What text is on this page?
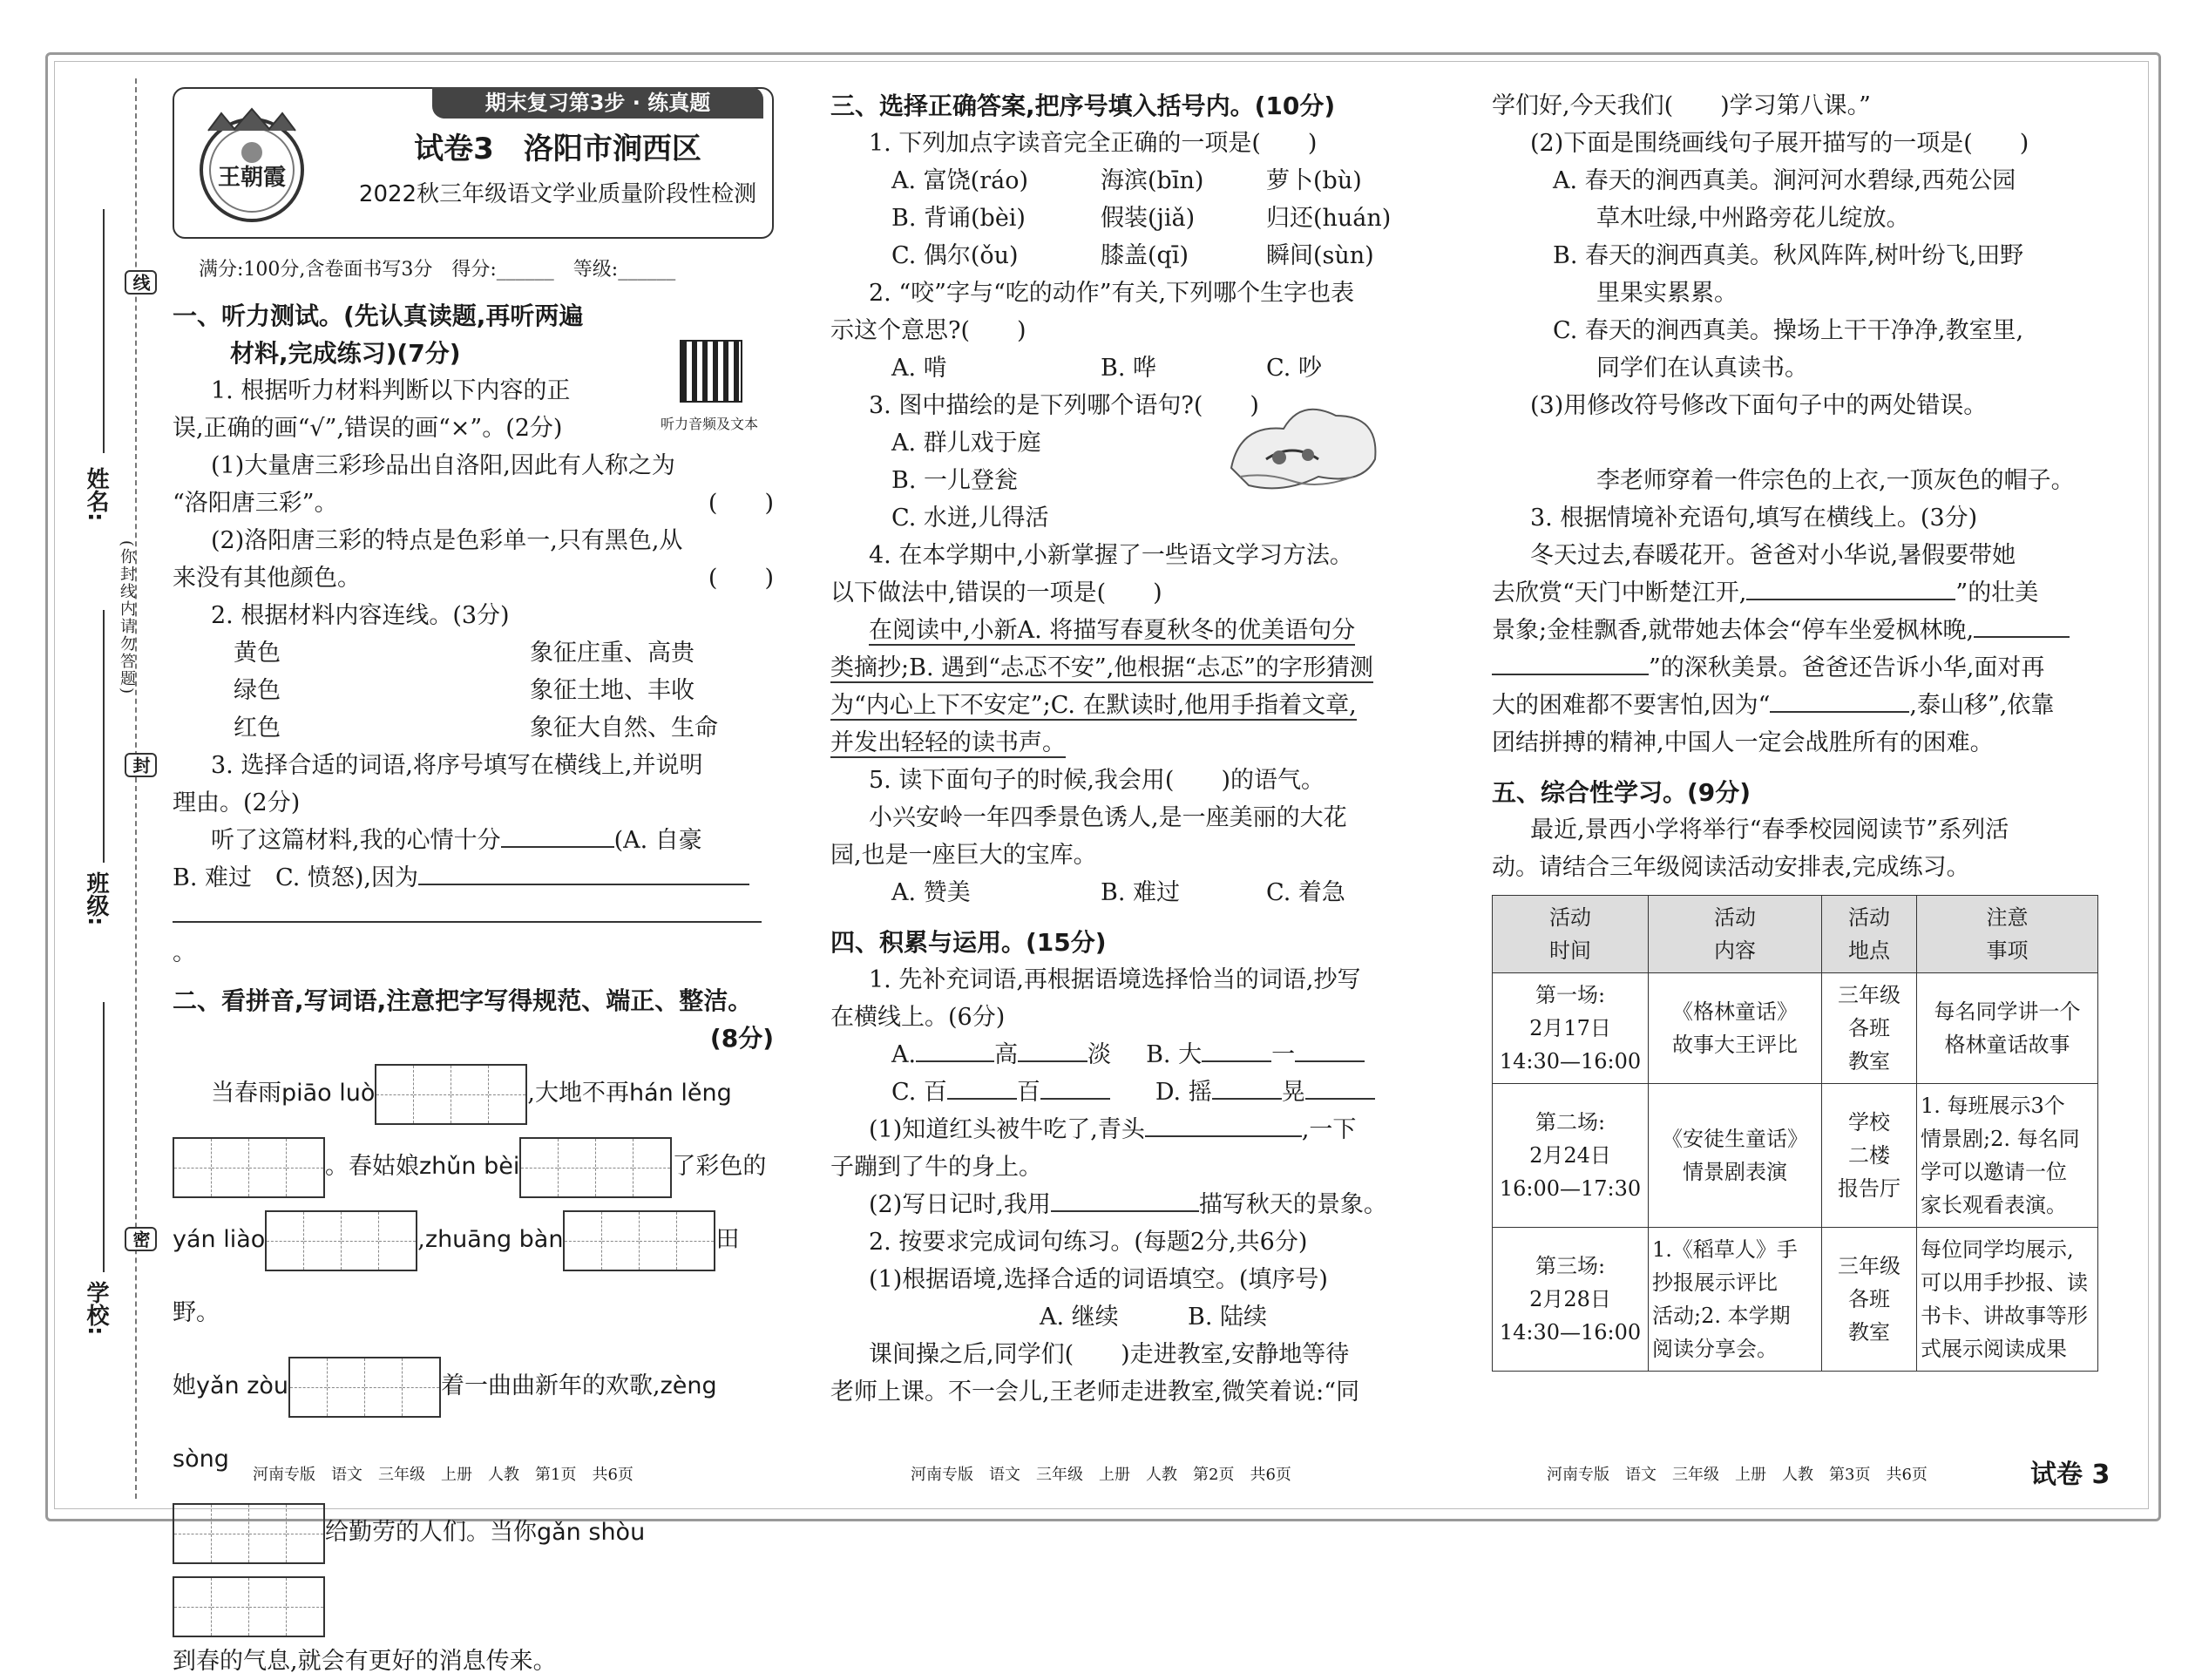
线
封
密
(你封线内请勿答题)
姓名:
班级:
学校:
期末复习第3步 · 练真题
王朝霞
试卷3　洛阳市涧西区
2022秋三年级语文学业质量阶段性检测

满分:100分,含卷面书写3分　得分:______　等级:______

听力音频及文本

一、听力测试。(先认真读题,再听两遍

材料,完成练习)(7分)

1. 根据听力材料判断以下内容的正

误,正确的画“√”,错误的画“×”。(2分)

(1)大量唐三彩珍品出自洛阳,因此有人称之为

“洛阳唐三彩”。	(　　)

(2)洛阳唐三彩的特点是色彩单一,只有黑色,从

来没有其他颜色。	(　　)

2. 根据材料内容连线。(3分)

黄色	象征庄重、高贵
绿色	象征土地、丰收
红色	象征大自然、生命

3. 选择合适的词语,将序号填写在横线上,并说明

理由。(2分)

听了这篇材料,我的心情十分	(A. 自豪

B. 难过　C. 愤怒),因为

。

二、看拼音,写词语,注意把字写得规范、端正、整洁。

(8分)

当春雨piāo luò	,大地不再hán lěng

。春姑娘zhǔn bèi	了彩色的

yán liào	,zhuāng bàn	田野。

她yǎn zòu	着一曲曲新年的欢歌,zèng sòng

给勤劳的人们。当你gǎn shòu

到春的气息,就会有更好的消息传来。

三、选择正确答案,把序号填入括号内。(10分)

1. 下列加点字读音完全正确的一项是(　　)

A. 富饶(ráo)	海滨(bīn)	萝卜(bù)
B. 背诵(bèi)	假装(jiǎ)	归还(huán)
C. 偶尔(ǒu)	膝盖(qī)	瞬间(sùn)

2. “咬”字与“吃的动作”有关,下列哪个生字也表

示这个意思?(　　)

A. 啃	B. 哗	C. 吵

3. 图中描绘的是下列哪个语句?(　　)

A. 群儿戏于庭

B. 一儿登瓮

C. 水迸,儿得活

4. 在本学期中,小新掌握了一些语文学习方法。

以下做法中,错误的一项是(　　)

在阅读中,小新A. 将描写春夏秋冬的优美语句分

类摘抄;B. 遇到“忐忑不安”,他根据“忐忑”的字形猜测

为“内心上下不安定”;C. 在默读时,他用手指着文章,

并发出轻轻的读书声。

5. 读下面句子的时候,我会用(　　)的语气。

小兴安岭一年四季景色诱人,是一座美丽的大花

园,也是一座巨大的宝库。

A. 赞美	B. 难过	C. 着急

四、积累与运用。(15分)

1. 先补充词语,再根据语境选择恰当的词语,抄写

在横线上。(6分)

A.	高	淡 B. 大	一

C. 百	百	D. 摇	晃

(1)知道红头被牛吃了,青头	,一下

子蹦到了牛的身上。

(2)写日记时,我用	描写秋天的景象。

2. 按要求完成词句练习。(每题2分,共6分)

(1)根据语境,选择合适的词语填空。(填序号)

A. 继续	B. 陆续

课间操之后,同学们(　　)走进教室,安静地等待

老师上课。不一会儿,王老师走进教室,微笑着说:“同

学们好,今天我们(　　)学习第八课。”

(2)下面是围绕画线句子展开描写的一项是(　　)

A. 春天的涧西真美。涧河河水碧绿,西苑公园

草木吐绿,中州路旁花儿绽放。

B. 春天的涧西真美。秋风阵阵,树叶纷飞,田野

里果实累累。

C. 春天的涧西真美。操场上干干净净,教室里,

同学们在认真读书。

(3)用修改符号修改下面句子中的两处错误。

李老师穿着一件宗色的上衣,一顶灰色的帽子。

3. 根据情境补充语句,填写在横线上。(3分)

冬天过去,春暖花开。爸爸对小华说,暑假要带她

去欣赏“天门中断楚江开,	”的壮美

景象;金桂飘香,就带她去体会“停车坐爱枫林晚,

”的深秋美景。爸爸还告诉小华,面对再

大的困难都不要害怕,因为“	,泰山移”,依靠

团结拼搏的精神,中国人一定会战胜所有的困难。

五、综合性学习。(9分)

最近,景西小学将举行“春季校园阅读节”系列活

动。请结合三年级阅读活动安排表,完成练习。

活动
时间	活动
内容	活动
地点	注意
事项
第一场:
2月17日
14:30—16:00	《格林童话》
故事大王评比	三年级
各班
教室	每名同学讲一个
格林童话故事
第二场:
2月24日
16:00—17:30	《安徒生童话》
情景剧表演	学校
二楼
报告厅	1. 每班展示3个
情景剧;2. 每名同
学可以邀请一位
家长观看表演。
第三场:
2月28日
14:30—16:00	1.《稻草人》手
抄报展示评比
活动;2. 本学期
阅读分享会。	三年级
各班
教室	每位同学均展示,
可以用手抄报、读
书卡、讲故事等形
式展示阅读成果
河南专版　语文　三年级　上册　人教　第1页　共6页	河南专版　语文　三年级　上册　人教　第2页　共6页	河南专版　语文　三年级　上册　人教　第3页　共6页	试卷 3
